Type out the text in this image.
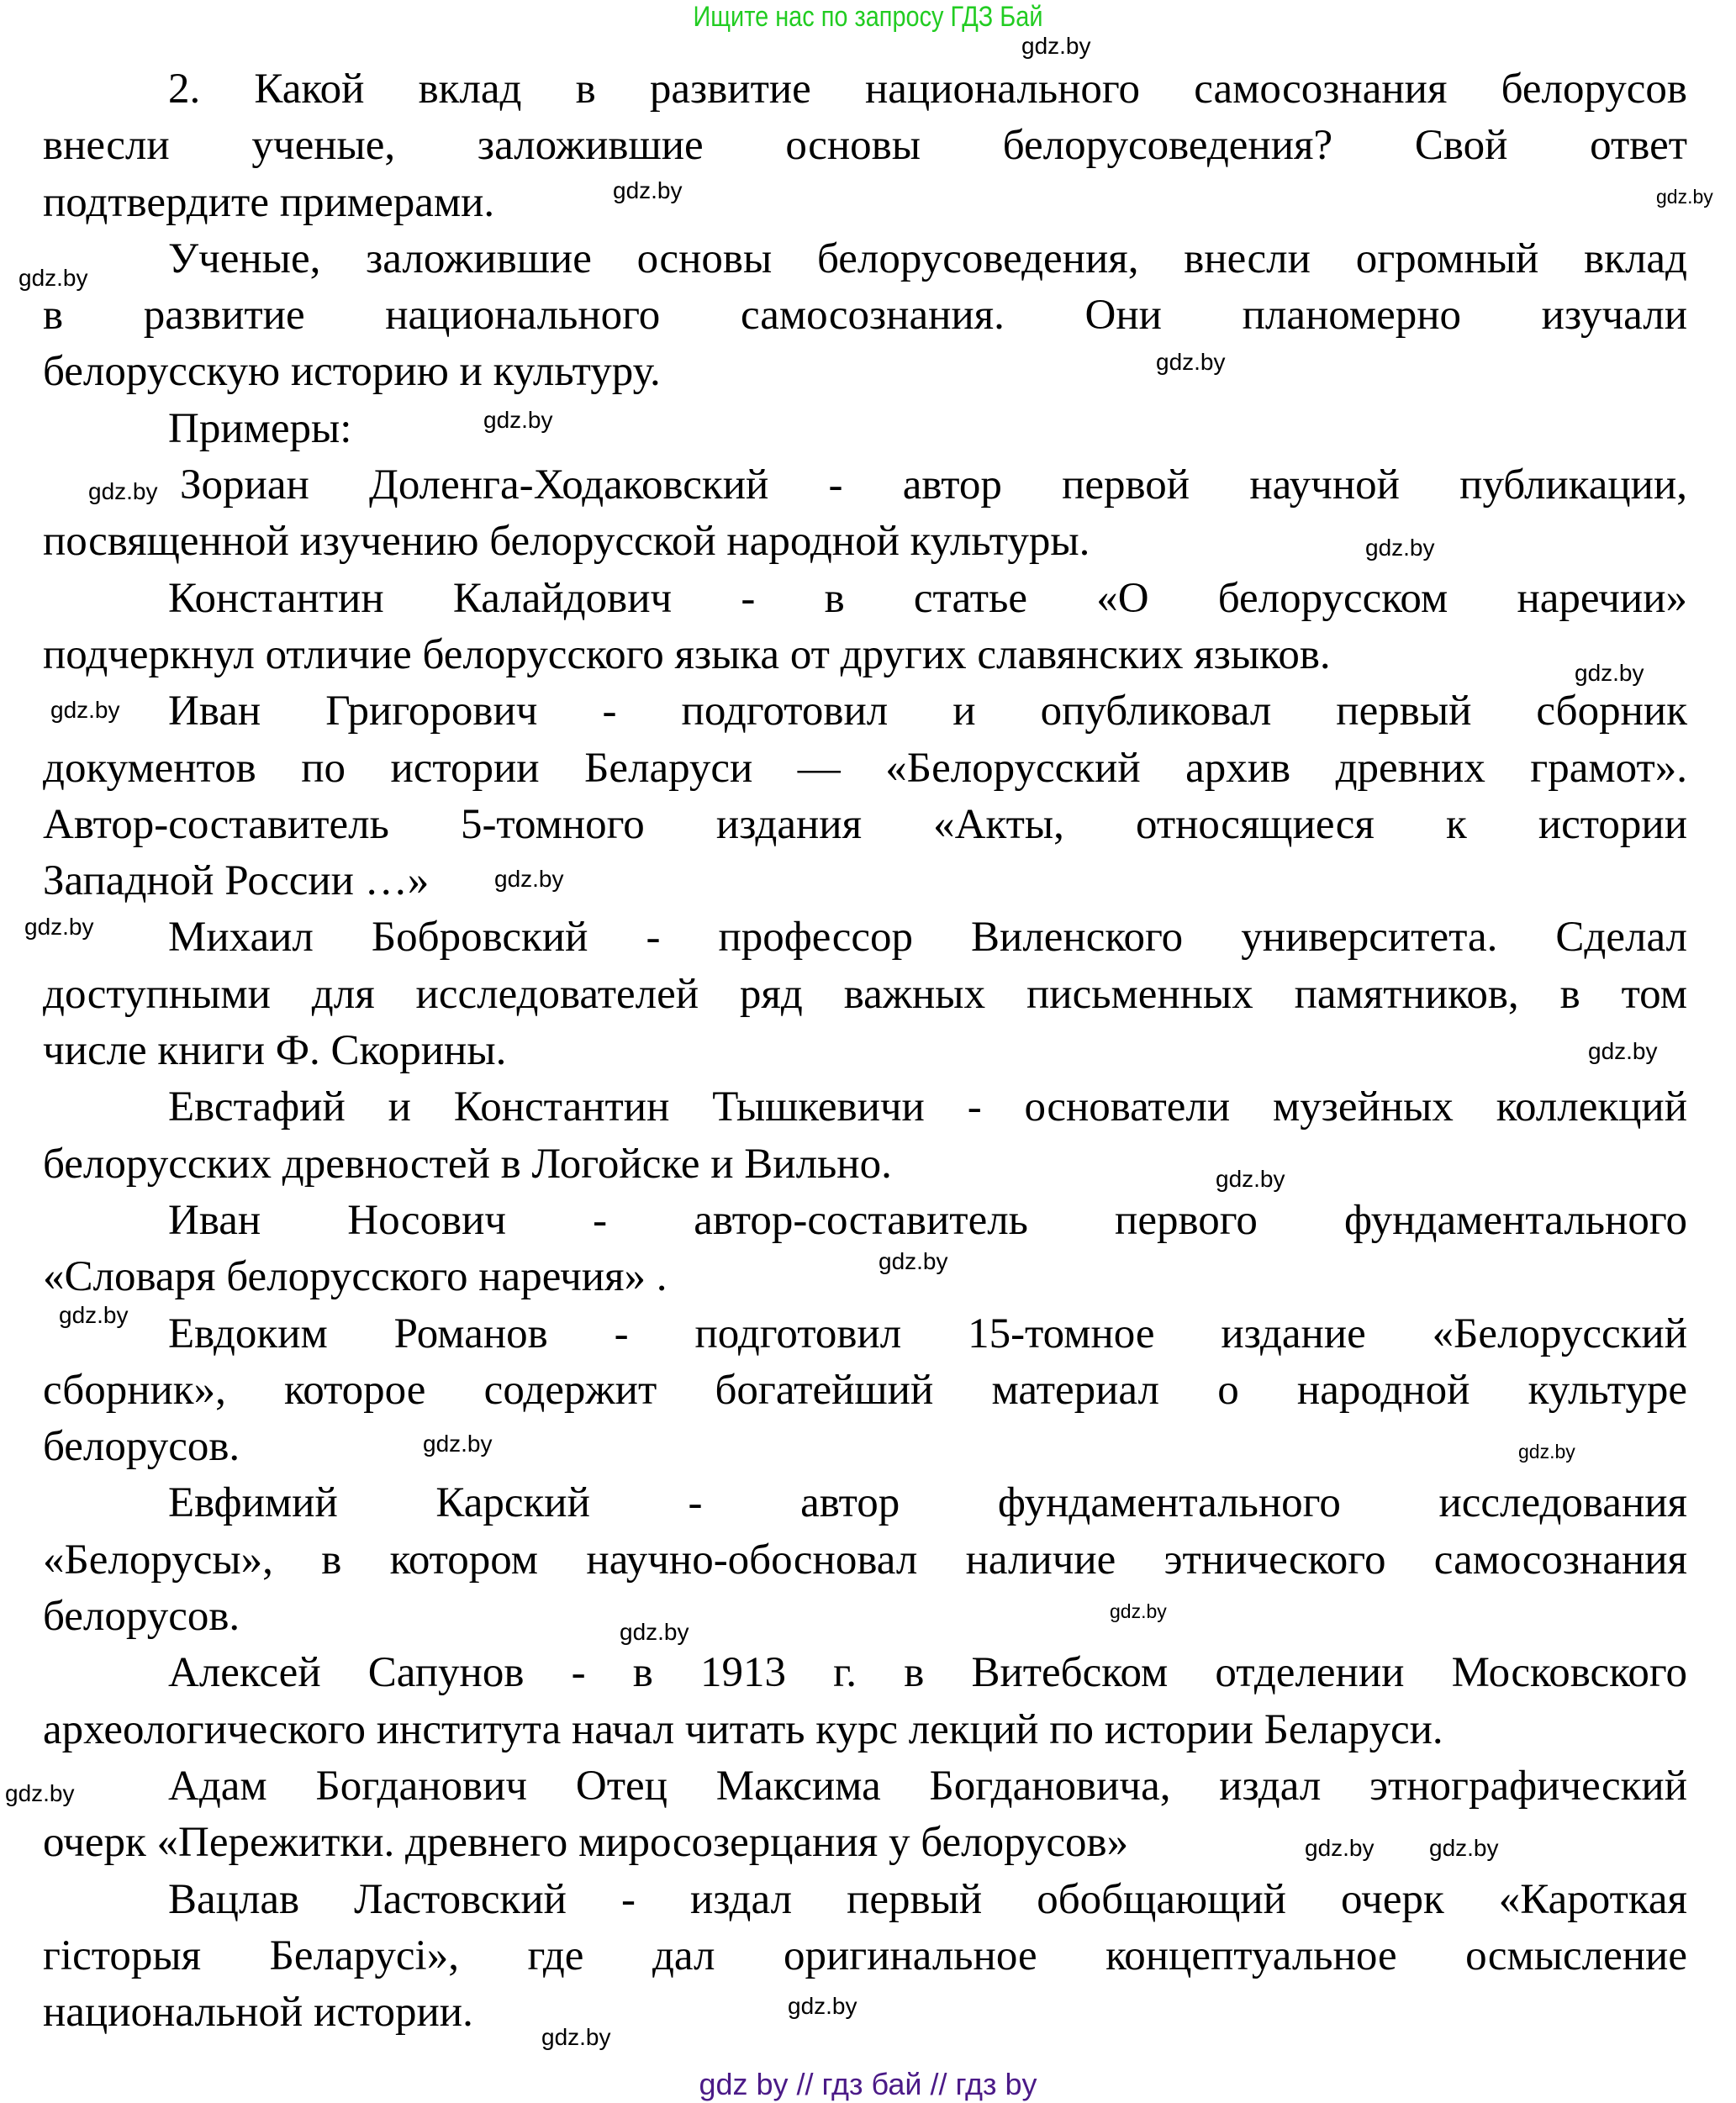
Ищите нас по запросу ГДЗ Бай
2. Какой вклад в развитие национального самосознания белорусов
внесли ученые, заложившие основы белорусоведения? Свой ответ
подтвердите примерами.
Ученые, заложившие основы белорусоведения, внесли огромный вклад
в развитие национального самосознания. Они планомерно изучали
белорусскую историю и культуру.
Примеры:
Зориан Доленга-Ходаковский - автор первой научной публикации,
посвященной изучению белорусской народной культуры.
Константин Калайдович - в статье «О белорусском наречии»
подчеркнул отличие белорусского языка от других славянских языков.
Иван Григорович - подготовил и опубликовал первый сборник
документов по истории Беларуси — «Белорусский архив древних грамот».
Автор-составитель 5-томного издания «Акты, относящиеся к истории
Западной России …»
Михаил Бобровский - профессор Виленского университета. Сделал
доступными для исследователей ряд важных письменных памятников, в том
числе книги Ф. Скорины.
Евстафий и Константин Тышкевичи - основатели музейных коллекций
белорусских древностей в Логойске и Вильно.
Иван Носович - автор-составитель первого фундаментального
«Словаря белорусского наречия» .
Евдоким Романов - подготовил 15-томное издание «Белорусский
сборник», которое содержит богатейший материал о народной культуре
белорусов.
Евфимий Карский - автор фундаментального исследования
«Белорусы», в котором научно-обосновал наличие этнического самосознания
белорусов.
Алексей Сапунов - в 1913 г. в Витебском отделении Московского
археологического института начал читать курс лекций по истории Беларуси.
Адам Богданович Отец Максима Богдановича, издал этнографический
очерк «Пережитки. древнего миросозерцания у белорусов»
Вацлав Ластовский - издал первый обобщающий очерк «Кароткая
гiсторыя Беларусi», где дал оригинальное концептуальное осмысление
национальной истории.
gdz.by
gdz.by
gdz.by
gdz.by
gdz.by
gdz.by
gdz.by
gdz.by
gdz.by
gdz.by
gdz.by
gdz.by
gdz.by
gdz.by
gdz.by
gdz.by
gdz.by	gdz.by
gdz.by
gdz.by
gdz.by
gdz.by
gdz.by
gdz.by
gdz.by
gdz by // гдз бай // гдз by
